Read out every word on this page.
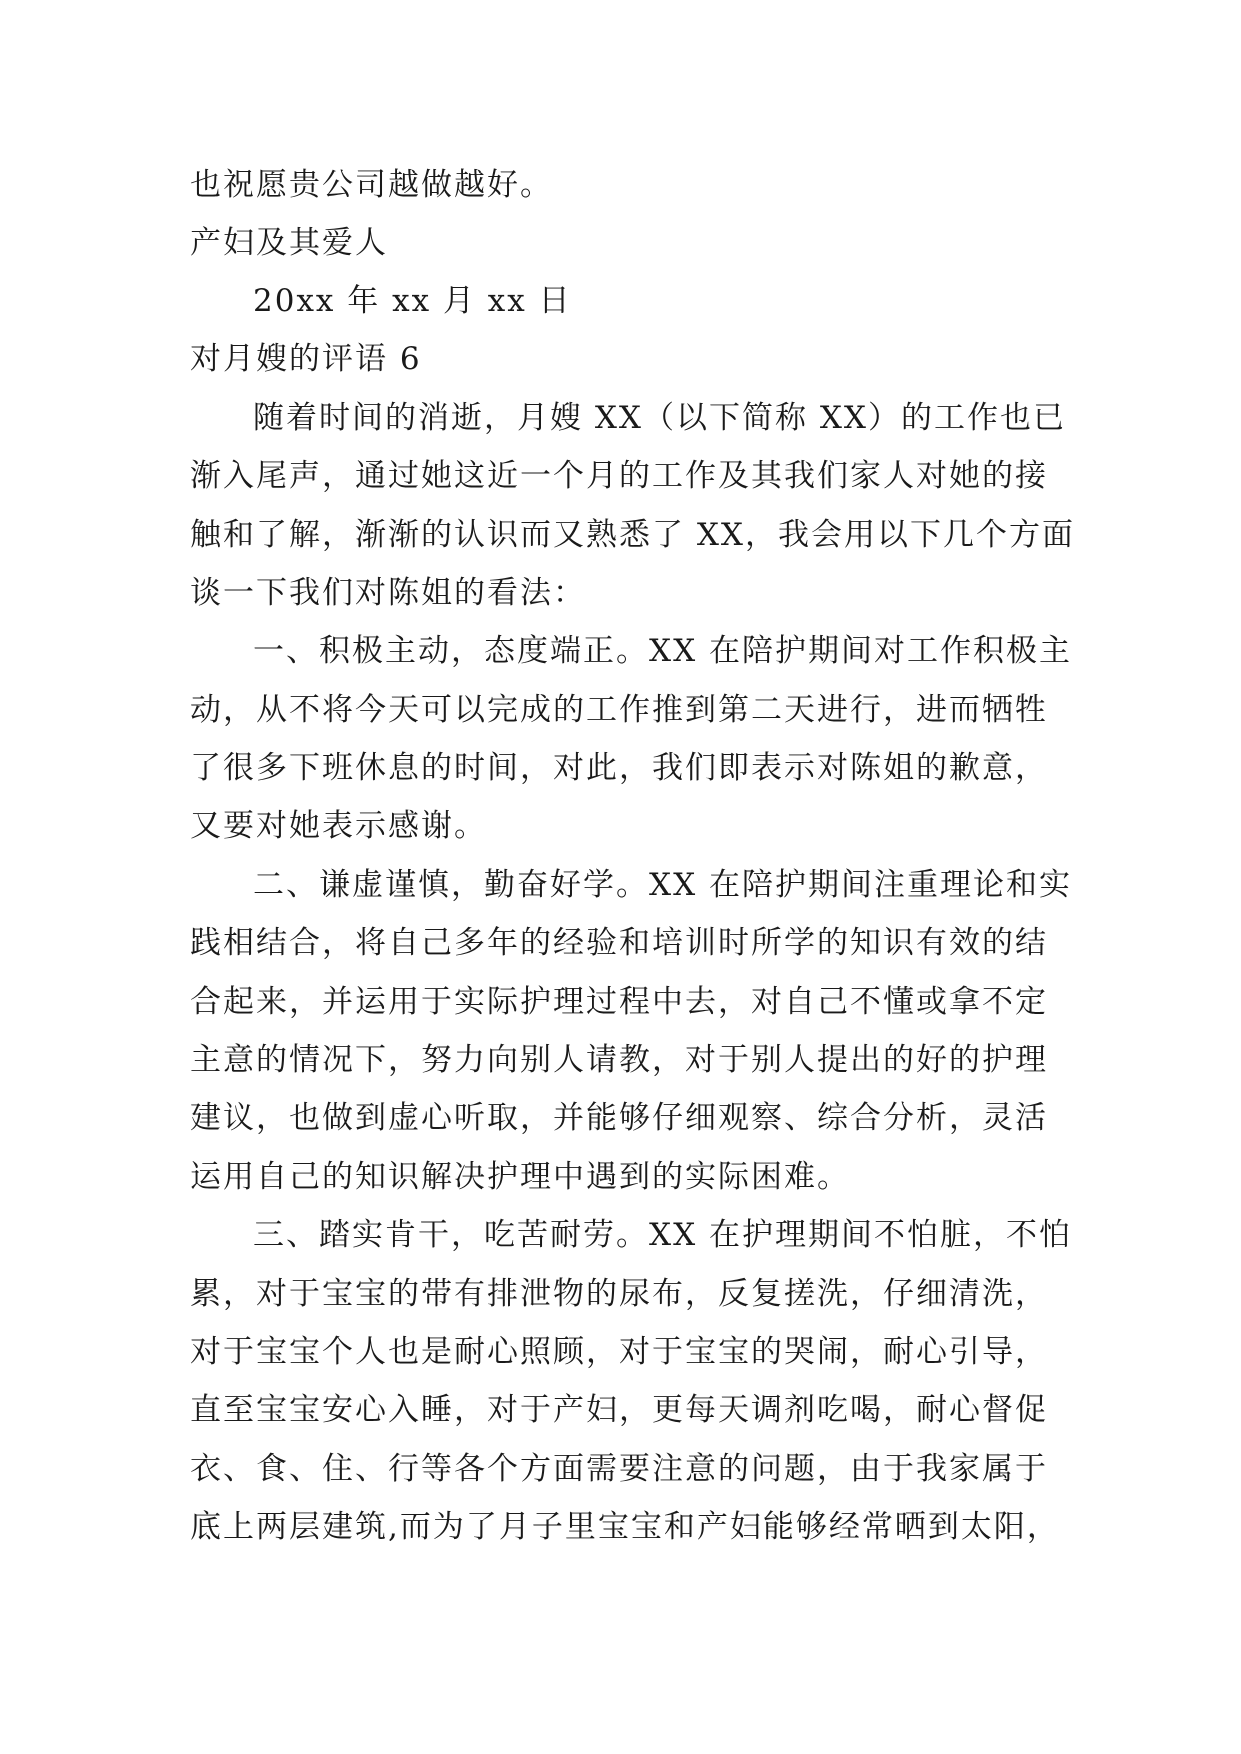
也祝愿贵公司越做越好。
产妇及其爱人
20xx 年 xx 月 xx 日
对月嫂的评语 6
随着时间的消逝，月嫂 XX（以下简称 XX）的工作也已
渐入尾声，通过她这近一个月的工作及其我们家人对她的接
触和了解，渐渐的认识而又熟悉了 XX，我会用以下几个方面
谈一下我们对陈姐的看法：
一、积极主动，态度端正。XX 在陪护期间对工作积极主
动，从不将今天可以完成的工作推到第二天进行，进而牺牲
了很多下班休息的时间，对此，我们即表示对陈姐的歉意，
又要对她表示感谢。
二、谦虚谨慎，勤奋好学。XX 在陪护期间注重理论和实
践相结合，将自己多年的经验和培训时所学的知识有效的结
合起来，并运用于实际护理过程中去，对自己不懂或拿不定
主意的情况下，努力向别人请教，对于别人提出的好的护理
建议，也做到虚心听取，并能够仔细观察、综合分析，灵活
运用自己的知识解决护理中遇到的实际困难。
三、踏实肯干，吃苦耐劳。XX 在护理期间不怕脏，不怕
累，对于宝宝的带有排泄物的尿布，反复搓洗，仔细清洗，
对于宝宝个人也是耐心照顾，对于宝宝的哭闹，耐心引导，
直至宝宝安心入睡，对于产妇，更每天调剂吃喝，耐心督促
衣、食、住、行等各个方面需要注意的问题，由于我家属于
底上两层建筑,而为了月子里宝宝和产妇能够经常晒到太阳，
